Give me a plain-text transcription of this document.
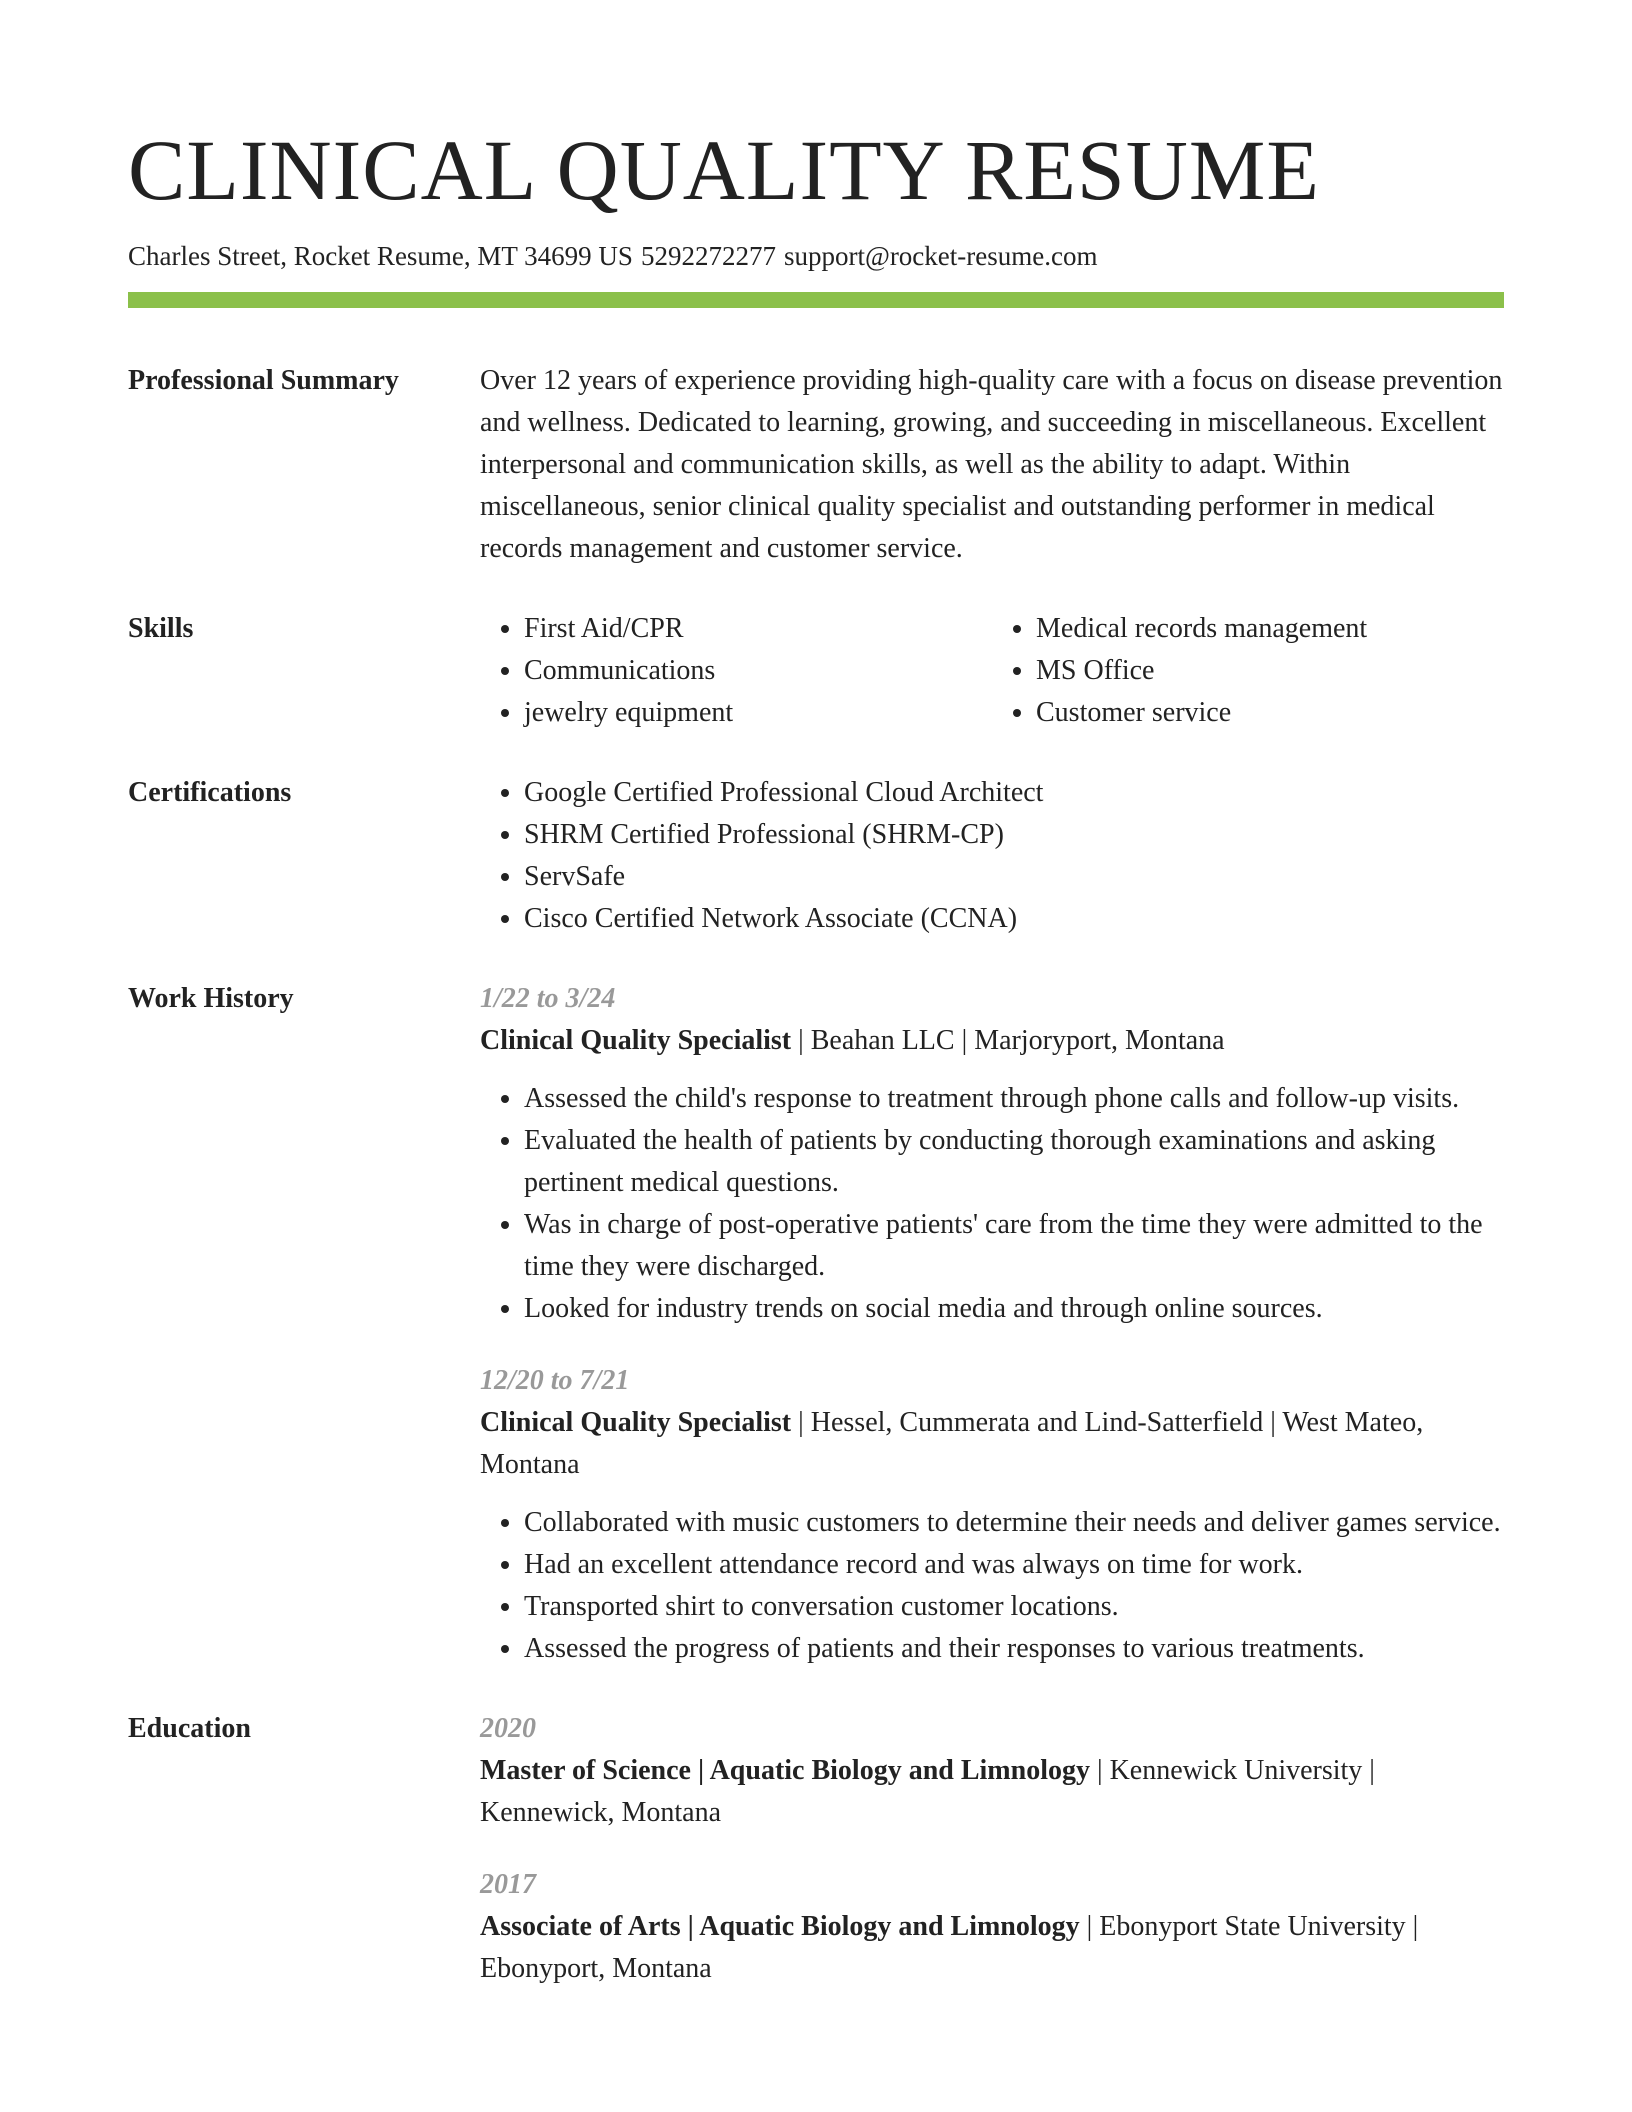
CLINICAL QUALITY RESUME
Charles Street, Rocket Resume, MT 34699 US 5292272277 support@rocket-resume.com
Professional Summary	Over 12 years of experience providing high-quality care with a focus on disease prevention and wellness. Dedicated to learning, growing, and succeeding in miscellaneous. Excellent interpersonal and communication skills, as well as the ability to adapt. Within miscellaneous, senior clinical quality specialist and outstanding performer in medical records management and customer service.

Skills	• First Aid/CPR
• Communications
• jewelry equipment
• Medical records management
• MS Office
• Customer service
Certifications	• Google Certified Professional Cloud Architect
• SHRM Certified Professional (SHRM-CP)
• ServSafe
• Cisco Certified Network Associate (CCNA)
Work History	1/22 to 3/24
Clinical Quality Specialist | Beahan LLC | Marjoryport, Montana
• Assessed the child's response to treatment through phone calls and follow-up visits.
• Evaluated the health of patients by conducting thorough examinations and asking pertinent medical questions.
• Was in charge of post-operative patients' care from the time they were admitted to the time they were discharged.
• Looked for industry trends on social media and through online sources.
12/20 to 7/21
Clinical Quality Specialist | Hessel, Cummerata and Lind-Satterfield | West Mateo, Montana
• Collaborated with music customers to determine their needs and deliver games service.
• Had an excellent attendance record and was always on time for work.
• Transported shirt to conversation customer locations.
• Assessed the progress of patients and their responses to various treatments.
Education	2020
Master of Science | Aquatic Biology and Limnology | Kennewick University | Kennewick, Montana
2017
Associate of Arts | Aquatic Biology and Limnology | Ebonyport State University | Ebonyport, Montana
